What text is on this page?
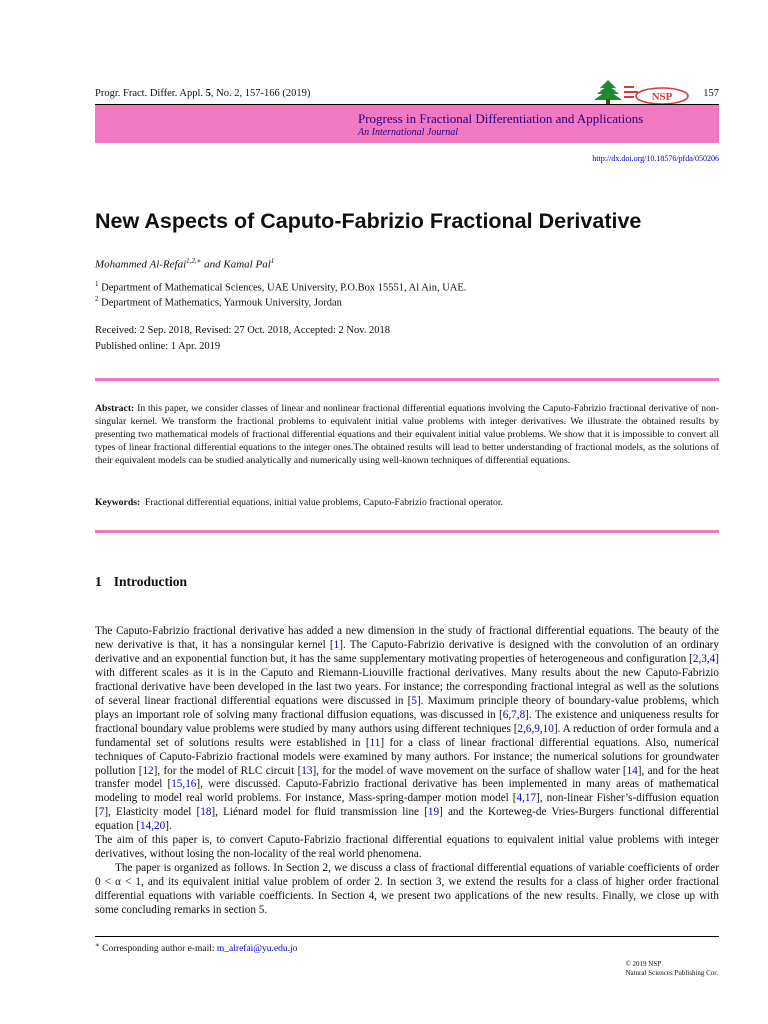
Progr. Fract. Differ. Appl. 5, No. 2, 157-166 (2019)	157
NSP
Progress in Fractional Differentiation and Applications
An International Journal
http://dx.doi.org/10.18576/pfda/050206
New Aspects of Caputo-Fabrizio Fractional Derivative
Mohammed Al-Refai$^{1,2,∗}$ and Kamal Pal$^1$
$^1$ Department of Mathematical Sciences, UAE University, P.O.Box 15551, Al Ain, UAE.
$^2$ Department of Mathematics, Yarmouk University, Jordan
Received: 2 Sep. 2018, Revised: 27 Oct. 2018, Accepted: 2 Nov. 2018
Published online: 1 Apr. 2019
Abstract: In this paper, we consider classes of linear and nonlinear fractional differential equations involving the Caputo-Fabrizio fractional derivative of non-singular kernel. We transform the fractional problems to equivalent initial value problems with integer derivatives. We illustrate the obtained results by presenting two mathematical models of fractional differential equations and their equivalent initial value problems. We show that it is impossible to convert all types of linear fractional differential equations to the integer ones.The obtained results will lead to better understanding of fractional models, as the solutions of their equivalent models can be studied analytically and numerically using well-known techniques of differential equations.
Keywords: Fractional differential equations, initial value problems, Caputo-Fabrizio fractional operator.
1 Introduction

The Caputo-Fabrizio fractional derivative has added a new dimension in the study of fractional differential equations. The beauty of the new derivative is that, it has a nonsingular kernel [1]. The Caputo-Fabrizio derivative is designed with the convolution of an ordinary derivative and an exponential function but, it has the same supplementary motivating properties of heterogeneous and configuration [2,3,4] with different scales as it is in the Caputo and Riemann-Liouville fractional derivatives. Many results about the new Caputo-Fabrizio fractional derivative have been developed in the last two years. For instance; the corresponding fractional integral as well as the solutions of several linear fractional differential equations were discussed in [5]. Maximum principle theory of boundary-value problems, which plays an important role of solving many fractional diffusion equations, was discussed in [6,7,8]. The existence and uniqueness results for fractional boundary value problems were studied by many authors using different techniques [2,6,9,10]. A reduction of order formula and a fundamental set of solutions results were established in [11] for a class of linear fractional differential equations. Also, numerical techniques of Caputo-Fabrizio fractional models were examined by many authors. For instance; the numerical solutions for groundwater pollution [12], for the model of RLC circuit [13], for the model of wave movement on the surface of shallow water [14], and for the heat transfer model [15,16], were discussed. Caputo-Fabrizio fractional derivative has been implemented in many areas of mathematical modeling to model real world problems. For instance, Mass-spring-damper motion model [4,17], non-linear Fisher’s-diffusion equation [7], Elasticity model [18], Liénard model for fluid transmission line [19] and the Korteweg-de Vries-Burgers functional differential equation [14,20].

The aim of this paper is, to convert Caputo-Fabrizio fractional differential equations to equivalent initial value problems with integer derivatives, without losing the non-locality of the real world phenomena.

The paper is organized as follows. In Section 2, we discuss a class of fractional differential equations of variable coefficients of order 0 < α < 1, and its equivalent initial value problem of order 2. In section 3, we extend the results for a class of higher order fractional differential equations with variable coefficients. In Section 4, we present two applications of the new results. Finally, we close up with some concluding remarks in section 5.

∗ Corresponding author e-mail: m_alrefai@yu.edu.jo
© 2019 NSP
Natural Sciences Publishing Cor.
